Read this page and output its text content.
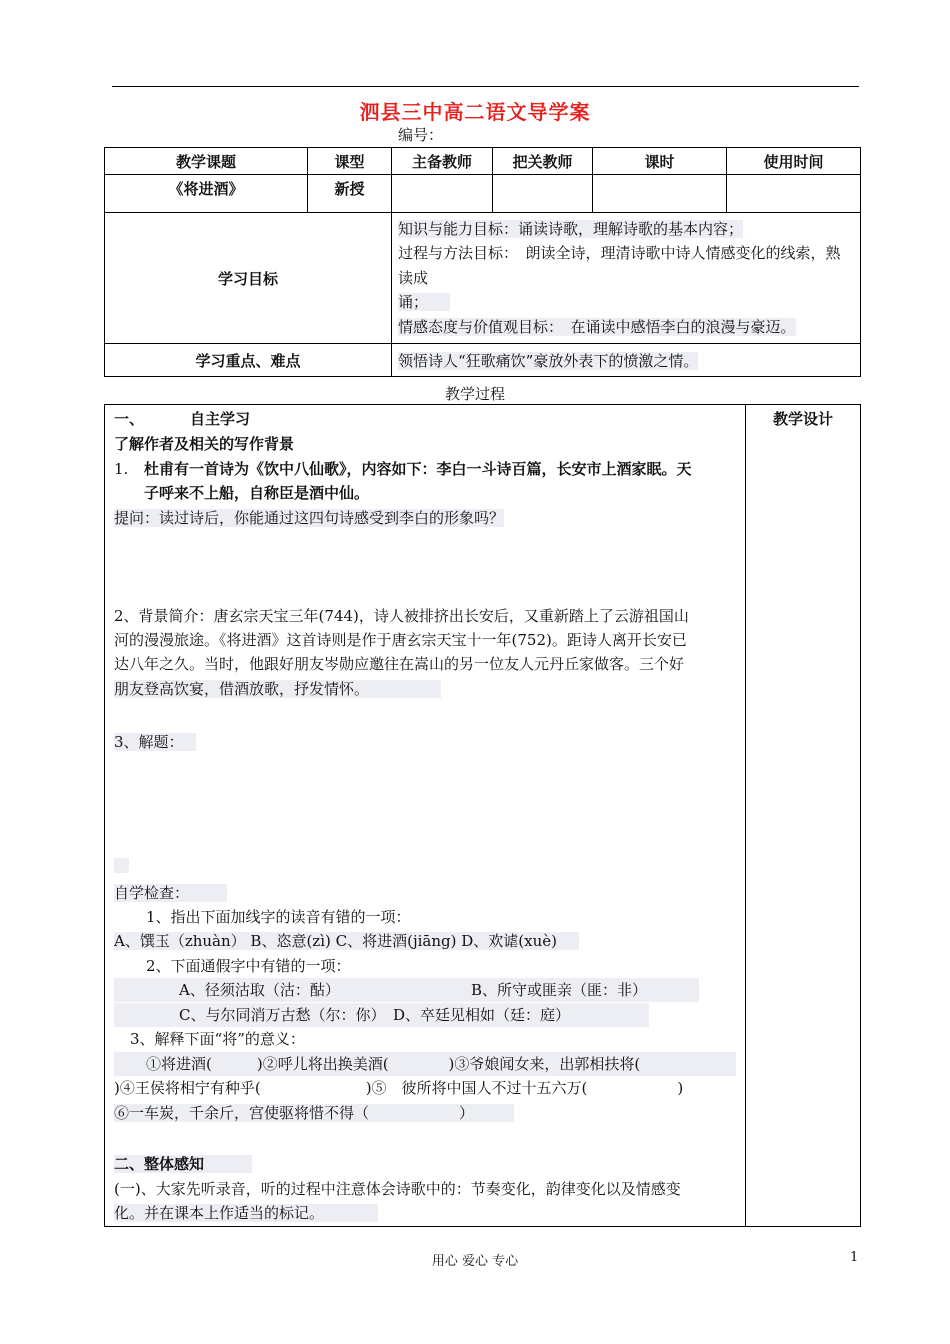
泗县三中高二语文导学案
编号：
教学课题	课型	主备教师	把关教师	课时	使用时间
《将进酒》	新授				
学习目标		知识与能力目标：诵读诗歌，理解诗歌的基本内容；
过程与方法目标：　朗读全诗，理清诗歌中诗人情感变化的线索，熟读成
诵；
情感态度与价值观目标：　在诵读中感悟李白的浪漫与豪迈。			

学习重点、难点		领悟诗人“狂歌痛饮”豪放外表下的愤激之情。			
教学过程
教学设计
一、	自主学习
了解作者及相关的写作背景
1. 杜甫有一首诗为《饮中八仙歌》，内容如下：李白一斗诗百篇，长安市上酒家眠。天
子呼来不上船，自称臣是酒中仙。
提问：读过诗后，你能通过这四句诗感受到李白的形象吗？
2、背景简介：唐玄宗天宝三年(744)，诗人被排挤出长安后，又重新踏上了云游祖国山
河的漫漫旅途。《将进酒》这首诗则是作于唐玄宗天宝十一年(752)。距诗人离开长安已
达八年之久。当时，他跟好朋友岑勋应邀往在嵩山的另一位友人元丹丘家做客。三个好
朋友登高饮宴，借酒放歌，抒发情怀。
3、解题：
自学检查：
1、指出下面加线字的读音有错的一项：
A、馔玉（zhuàn） B、恣意(zì) C、将进酒(jiāng) D、欢谑(xuè)
2、下面通假字中有错的一项：
A、径须沽取（沽：酤）	B、所守或匪亲（匪：非）
C、与尔同消万古愁（尔：你）　D、卒廷见相如（廷：庭）
3、解释下面“将”的意义：
①将进酒(　　　)②呼儿将出换美酒(　　　　)③爷娘闻女来，出郭相扶将(
)④王侯将相宁有种乎(　　　　　　　)⑤　彼所将中国人不过十五六万(　　　　　　)
⑥一车炭，千余斤，宫使驱将惜不得（　　　　　　）
二、整体感知
(一)、大家先听录音，听的过程中注意体会诗歌中的：节奏变化，韵律变化以及情感变
化。并在课本上作适当的标记。
用心 爱心 专心	1
